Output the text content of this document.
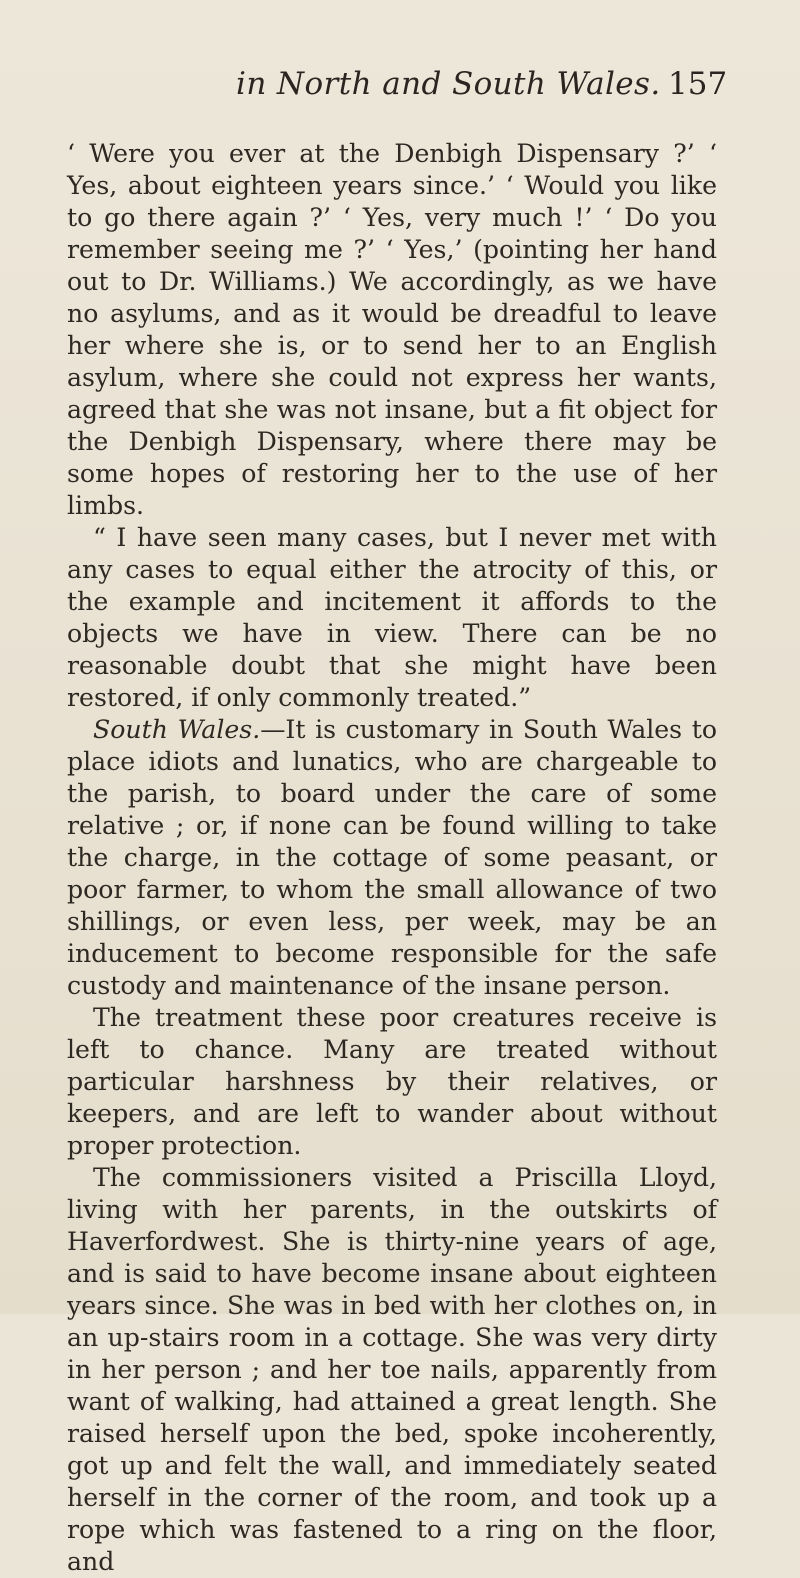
in North and South Wales. 157

‘ Were you ever at the Denbigh Dispensary ?’ ‘ Yes, about eighteen years since.’ ‘ Would you like to go there again ?’ ‘ Yes, very much !’ ‘ Do you remember seeing me ?’ ‘ Yes,’ (pointing her hand out to Dr. Williams.) We accordingly, as we have no asylums, and as it would be dreadful to leave her where she is, or to send her to an English asylum, where she could not express her wants, agreed that she was not insane, but a fit object for the Denbigh Dispensary, where there may be some hopes of restoring her to the use of her limbs.

“ I have seen many cases, but I never met with any cases to equal either the atrocity of this, or the example and incitement it affords to the objects we have in view. There can be no reasonable doubt that she might have been restored, if only commonly treated.”

South Wales.—It is customary in South Wales to place idiots and lunatics, who are chargeable to the parish, to board under the care of some relative ; or, if none can be found willing to take the charge, in the cottage of some peasant, or poor farmer, to whom the small allowance of two shillings, or even less, per week, may be an inducement to become responsible for the safe custody and maintenance of the insane person.

The treatment these poor creatures receive is left to chance. Many are treated without particular harshness by their relatives, or keepers, and are left to wander about without proper protection.

The commissioners visited a Priscilla Lloyd, living with her parents, in the outskirts of Haverfordwest. She is thirty-nine years of age, and is said to have become insane about eighteen years since. She was in bed with her clothes on, in an up-stairs room in a cottage. She was very dirty in her person ; and her toe nails, apparently from want of walking, had attained a great length. She raised herself upon the bed, spoke incoherently, got up and felt the wall, and immediately seated herself in the corner of the room, and took up a rope which was fastened to a ring on the floor, and
